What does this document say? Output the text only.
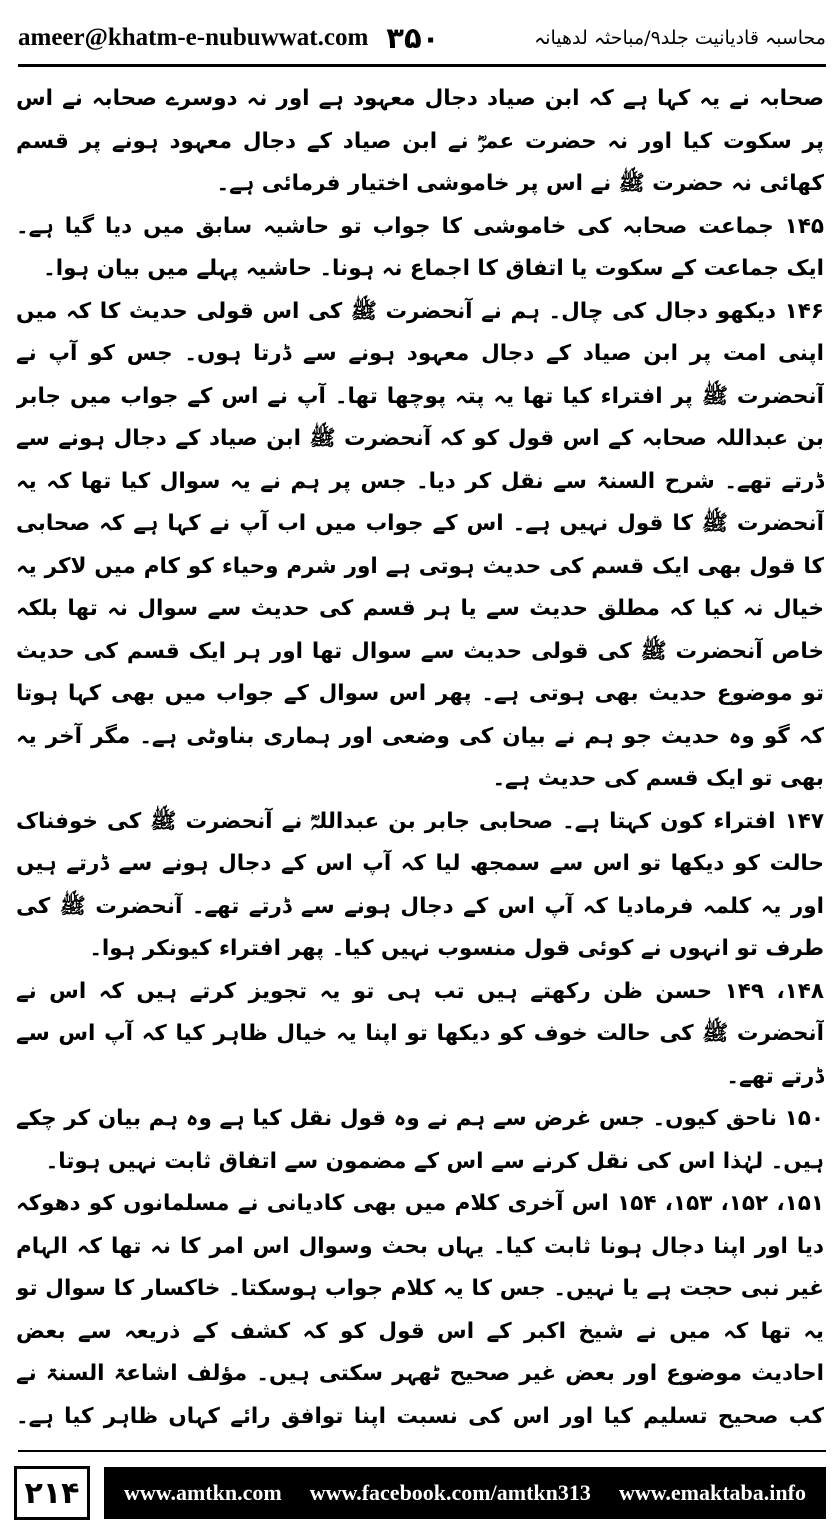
ameer@khatm-e-nubuwwat.com ۳۵۰	محاسبہ قادیانیت جلد۹/مباحثہ لدھیانہ

صحابہ نے یہ کہا ہے کہ ابن صیاد دجال معہود ہے اور نہ دوسرے صحابہ نے اس پر سکوت کیا اور نہ حضرت عمرؓ نے ابن صیاد کے دجال معہود ہونے پر قسم کھائی نہ حضرت ﷺ نے اس پر خاموشی اختیار فرمائی ہے۔

۱۴۵ جماعت صحابہ کی خاموشی کا جواب تو حاشیہ سابق میں دیا گیا ہے۔ ایک جماعت کے سکوت یا اتفاق کا اجماع نہ ہونا۔ حاشیہ پہلے میں بیان ہوا۔

۱۴۶ دیکھو دجال کی چال۔ ہم نے آنحضرت ﷺ کی اس قولی حدیث کا کہ میں اپنی امت پر ابن صیاد کے دجال معہود ہونے سے ڈرتا ہوں۔ جس کو آپ نے آنحضرت ﷺ پر افتراء کیا تھا یہ پتہ پوچھا تھا۔ آپ نے اس کے جواب میں جابر بن عبداللہ صحابہ کے اس قول کو کہ آنحضرت ﷺ ابن صیاد کے دجال ہونے سے ڈرتے تھے۔ شرح السنۃ سے نقل کر دیا۔ جس پر ہم نے یہ سوال کیا تھا کہ یہ آنحضرت ﷺ کا قول نہیں ہے۔ اس کے جواب میں اب آپ نے کہا ہے کہ صحابی کا قول بھی ایک قسم کی حدیث ہوتی ہے اور شرم وحیاء کو کام میں لاکر یہ خیال نہ کیا کہ مطلق حدیث سے یا ہر قسم کی حدیث سے سوال نہ تھا بلکہ خاص آنحضرت ﷺ کی قولی حدیث سے سوال تھا اور ہر ایک قسم کی حدیث تو موضوع حدیث بھی ہوتی ہے۔ پھر اس سوال کے جواب میں بھی کہا ہوتا کہ گو وہ حدیث جو ہم نے بیان کی وضعی اور ہماری بناوٹی ہے۔ مگر آخر یہ بھی تو ایک قسم کی حدیث ہے۔

۱۴۷ افتراء کون کہتا ہے۔ صحابی جابر بن عبداللہؓ نے آنحضرت ﷺ کی خوفناک حالت کو دیکھا تو اس سے سمجھ لیا کہ آپ اس کے دجال ہونے سے ڈرتے ہیں اور یہ کلمہ فرمادیا کہ آپ اس کے دجال ہونے سے ڈرتے تھے۔ آنحضرت ﷺ کی طرف تو انہوں نے کوئی قول منسوب نہیں کیا۔ پھر افتراء کیونکر ہوا۔

۱۴۸، ۱۴۹ حسن ظن رکھتے ہیں تب ہی تو یہ تجویز کرتے ہیں کہ اس نے آنحضرت ﷺ کی حالت خوف کو دیکھا تو اپنا یہ خیال ظاہر کیا کہ آپ اس سے ڈرتے تھے۔

۱۵۰ ناحق کیوں۔ جس غرض سے ہم نے وہ قول نقل کیا ہے وہ ہم بیان کر چکے ہیں۔ لہٰذا اس کی نقل کرنے سے اس کے مضمون سے اتفاق ثابت نہیں ہوتا۔

۱۵۱، ۱۵۲، ۱۵۳، ۱۵۴ اس آخری کلام میں بھی کادیانی نے مسلمانوں کو دھوکہ دیا اور اپنا دجال ہونا ثابت کیا۔ یہاں بحث وسوال اس امر کا نہ تھا کہ الہام غیر نبی حجت ہے یا نہیں۔ جس کا یہ کلام جواب ہوسکتا۔ خاکسار کا سوال تو یہ تھا کہ میں نے شیخ اکبر کے اس قول کو کہ کشف کے ذریعہ سے بعض احادیث موضوع اور بعض غیر صحیح ٹھہر سکتی ہیں۔ مؤلف اشاعۃ السنۃ نے کب صحیح تسلیم کیا اور اس کی نسبت اپنا توافق رائے کہاں ظاہر کیا ہے۔

۲۱۴	www.amtkn.com www.facebook.com/amtkn313 www.emaktaba.info
